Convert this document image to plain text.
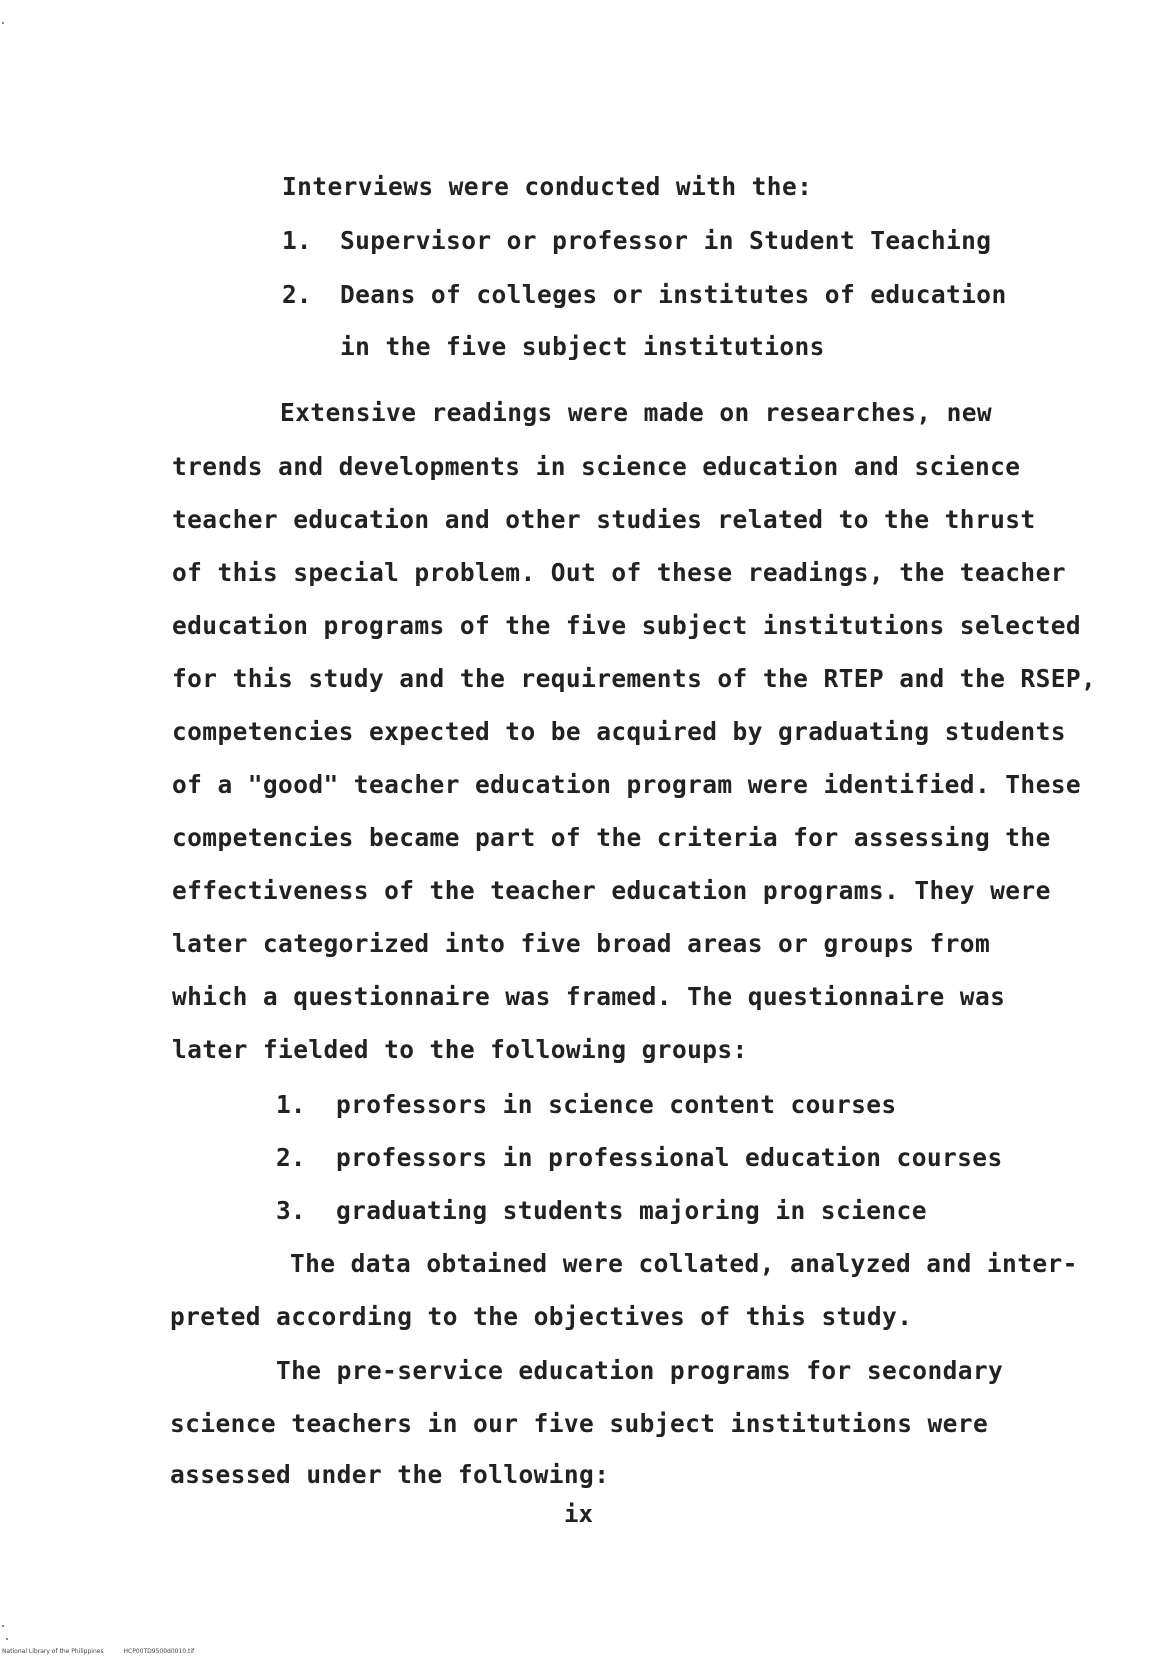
Interviews were conducted with the:
1. Supervisor or professor in Student Teaching
2. Deans of colleges or institutes of education
in the five subject institutions
Extensive readings were made on researches, new
trends and developments in science education and science
teacher education and other studies related to the thrust
of this special problem. Out of these readings, the teacher
education programs of the five subject institutions selected
for this study and the requirements of the RTEP and the RSEP,
competencies expected to be acquired by graduating students
of a "good" teacher education program were identified. These
competencies became part of the criteria for assessing the
effectiveness of the teacher education programs. They were
later categorized into five broad areas or groups from
which a questionnaire was framed. The questionnaire was
later fielded to the following groups:
1. professors in science content courses
2. professors in professional education courses
3. graduating students majoring in science
The data obtained were collated, analyzed and inter-
preted according to the objectives of this study.
The pre-service education programs for secondary
science teachers in our five subject institutions were
assessed under the following:
ix
National Library of the Philippines	HCP00TD9500d0010.tif
